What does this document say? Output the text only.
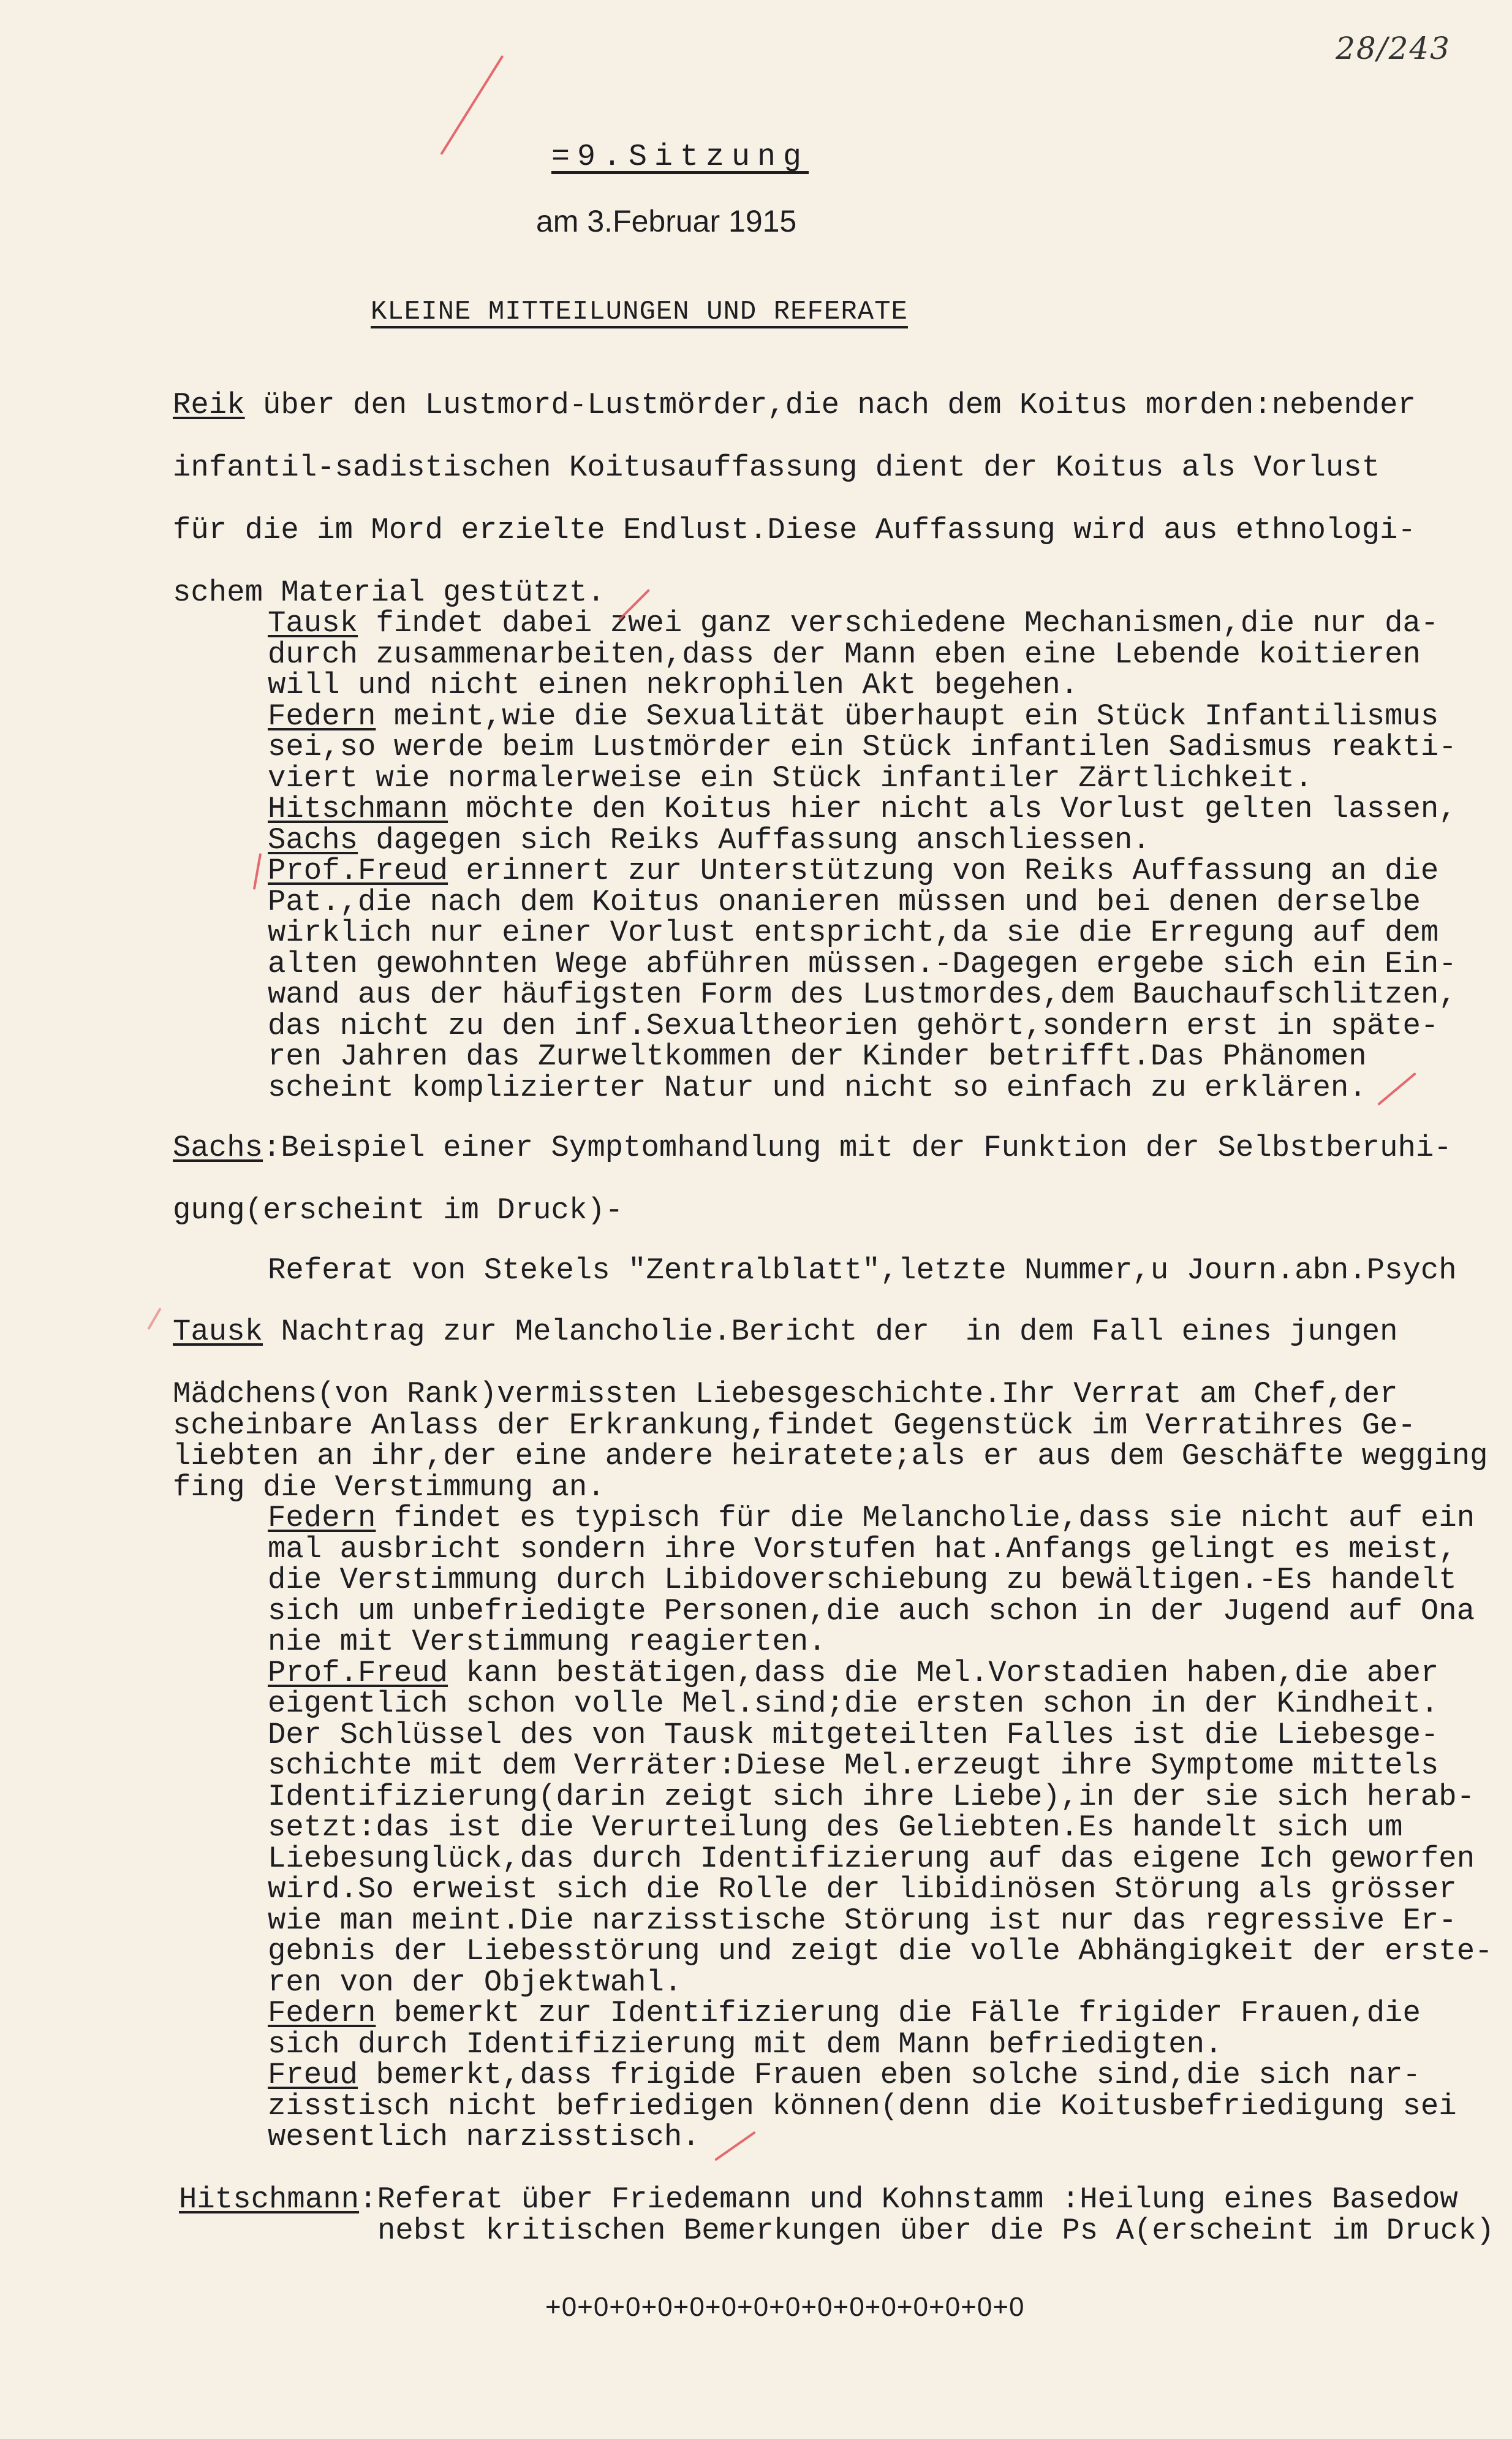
28/243
=9.Sitzung
am 3.Februar 1915
KLEINE MITTEILUNGEN UND REFERATE
Reik über den Lustmord-Lustmörder,die nach dem Koitus morden:nebender
infantil-sadistischen Koitusauffassung dient der Koitus als Vorlust
für die im Mord erzielte Endlust.Diese Auffassung wird aus ethnologi-
schem Material gestützt.
Tausk findet dabei zwei ganz verschiedene Mechanismen,die nur da-
durch zusammenarbeiten,dass der Mann eben eine Lebende koitieren
will und nicht einen nekrophilen Akt begehen.
Federn meint,wie die Sexualität überhaupt ein Stück Infantilismus
sei,so werde beim Lustmörder ein Stück infantilen Sadismus reakti-
viert wie normalerweise ein Stück infantiler Zärtlichkeit.
Hitschmann möchte den Koitus hier nicht als Vorlust gelten lassen,
Sachs dagegen sich Reiks Auffassung anschliessen.
Prof.Freud erinnert zur Unterstützung von Reiks Auffassung an die
Pat.,die nach dem Koitus onanieren müssen und bei denen derselbe
wirklich nur einer Vorlust entspricht,da sie die Erregung auf dem
alten gewohnten Wege abführen müssen.-Dagegen ergebe sich ein Ein-
wand aus der häufigsten Form des Lustmordes,dem Bauchaufschlitzen,
das nicht zu den inf.Sexualtheorien gehört,sondern erst in späte-
ren Jahren das Zurweltkommen der Kinder betrifft.Das Phänomen
scheint komplizierter Natur und nicht so einfach zu erklären.
Sachs:Beispiel einer Symptomhandlung mit der Funktion der Selbstberuhi-
gung(erscheint im Druck)-
Referat von Stekels "Zentralblatt",letzte Nummer,u Journ.abn.Psych
Tausk Nachtrag zur Melancholie.Bericht der  in dem Fall eines jungen
Mädchens(von Rank)vermissten Liebesgeschichte.Ihr Verrat am Chef,der
scheinbare Anlass der Erkrankung,findet Gegenstück im Verratihres Ge-
liebten an ihr,der eine andere heiratete;als er aus dem Geschäfte wegging
fing die Verstimmung an.
Federn findet es typisch für die Melancholie,dass sie nicht auf ein
mal ausbricht sondern ihre Vorstufen hat.Anfangs gelingt es meist,
die Verstimmung durch Libidoverschiebung zu bewältigen.-Es handelt
sich um unbefriedigte Personen,die auch schon in der Jugend auf Ona
nie mit Verstimmung reagierten.
Prof.Freud kann bestätigen,dass die Mel.Vorstadien haben,die aber
eigentlich schon volle Mel.sind;die ersten schon in der Kindheit.
Der Schlüssel des von Tausk mitgeteilten Falles ist die Liebesge-
schichte mit dem Verräter:Diese Mel.erzeugt ihre Symptome mittels
Identifizierung(darin zeigt sich ihre Liebe),in der sie sich herab-
setzt:das ist die Verurteilung des Geliebten.Es handelt sich um
Liebesunglück,das durch Identifizierung auf das eigene Ich geworfen
wird.So erweist sich die Rolle der libidinösen Störung als grösser
wie man meint.Die narzisstische Störung ist nur das regressive Er-
gebnis der Liebesstörung und zeigt die volle Abhängigkeit der erste-
ren von der Objektwahl.
Federn bemerkt zur Identifizierung die Fälle frigider Frauen,die
sich durch Identifizierung mit dem Mann befriedigten.
Freud bemerkt,dass frigide Frauen eben solche sind,die sich nar-
zisstisch nicht befriedigen können(denn die Koitusbefriedigung sei
wesentlich narzisstisch.
Hitschmann:Referat über Friedemann und Kohnstamm :Heilung eines Basedow
nebst kritischen Bemerkungen über die Ps A(erscheint im Druck)
+0+0+0+0+0+0+0+0+0+0+0+0+0+0+0
